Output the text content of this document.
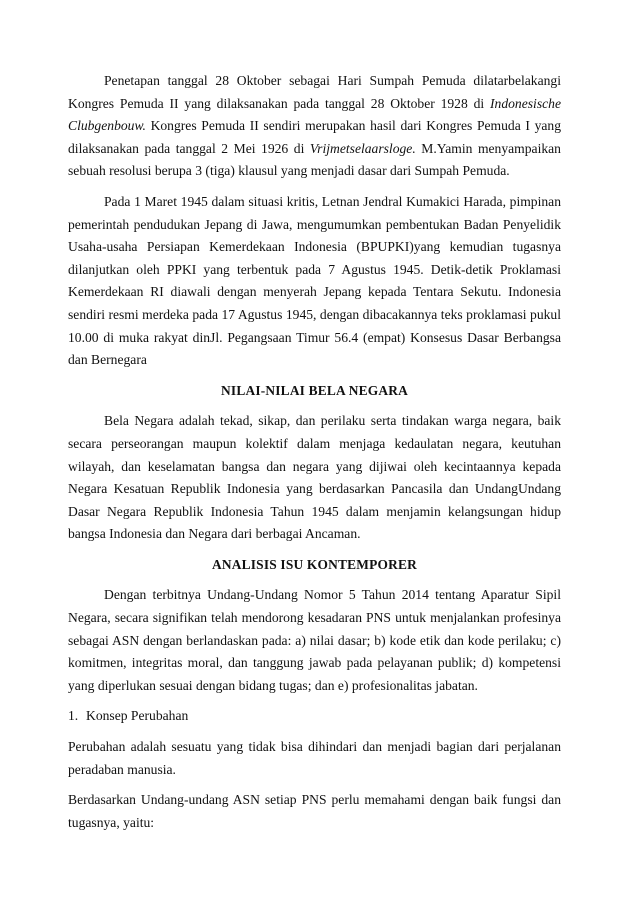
Penetapan tanggal 28 Oktober sebagai Hari Sumpah Pemuda dilatarbelakangi Kongres Pemuda II yang dilaksanakan pada tanggal 28 Oktober 1928 di Indonesische Clubgenbouw. Kongres Pemuda II sendiri merupakan hasil dari Kongres Pemuda I yang dilaksanakan pada tanggal 2 Mei 1926 di Vrijmetselaarsloge. M.Yamin menyampaikan sebuah resolusi berupa 3 (tiga) klausul yang menjadi dasar dari Sumpah Pemuda.

Pada 1 Maret 1945 dalam situasi kritis, Letnan Jendral Kumakici Harada, pimpinan pemerintah pendudukan Jepang di Jawa, mengumumkan pembentukan Badan Penyelidik Usaha-usaha Persiapan Kemerdekaan Indonesia (BPUPKI)yang kemudian tugasnya dilanjutkan oleh PPKI yang terbentuk pada 7 Agustus 1945. Detik-detik Proklamasi Kemerdekaan RI diawali dengan menyerah Jepang kepada Tentara Sekutu. Indonesia sendiri resmi merdeka pada 17 Agustus 1945, dengan dibacakannya teks proklamasi pukul 10.00 di muka rakyat dinJl. Pegangsaan Timur 56.4 (empat) Konsesus Dasar Berbangsa dan Bernegara

NILAI-NILAI BELA NEGARA

Bela Negara adalah tekad, sikap, dan perilaku serta tindakan warga negara, baik secara perseorangan maupun kolektif dalam menjaga kedaulatan negara, keutuhan wilayah, dan keselamatan bangsa dan negara yang dijiwai oleh kecintaannya kepada Negara Kesatuan Republik Indonesia yang berdasarkan Pancasila dan UndangUndang Dasar Negara Republik Indonesia Tahun 1945 dalam menjamin kelangsungan hidup bangsa Indonesia dan Negara dari berbagai Ancaman.

ANALISIS ISU KONTEMPORER

Dengan terbitnya Undang-Undang Nomor 5 Tahun 2014 tentang Aparatur Sipil Negara, secara signifikan telah mendorong kesadaran PNS untuk menjalankan profesinya sebagai ASN dengan berlandaskan pada: a) nilai dasar; b) kode etik dan kode perilaku; c) komitmen, integritas moral, dan tanggung jawab pada pelayanan publik; d) kompetensi yang diperlukan sesuai dengan bidang tugas; dan e) profesionalitas jabatan.

1. Konsep Perubahan

Perubahan adalah sesuatu yang tidak bisa dihindari dan menjadi bagian dari perjalanan peradaban manusia.

Berdasarkan Undang-undang ASN setiap PNS perlu memahami dengan baik fungsi dan tugasnya, yaitu:
